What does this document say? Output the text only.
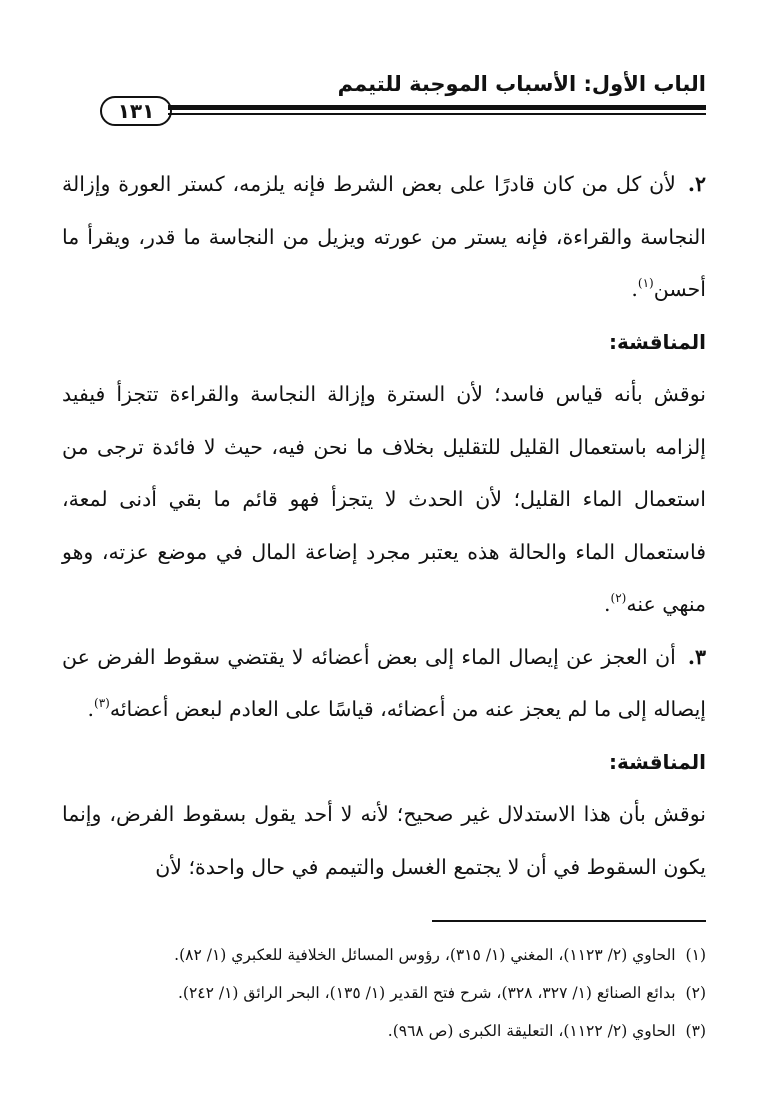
الباب الأول: الأسباب الموجبة للتيمم
١٣١

٢.لأن كل من كان قادرًا على بعض الشرط فإنه يلزمه، كستر العورة وإزالة النجاسة والقراءة، فإنه يستر من عورته ويزيل من النجاسة ما قدر، ويقرأ ما أحسن$^{(١)}$.

المناقشة:

نوقش بأنه قياس فاسد؛ لأن السترة وإزالة النجاسة والقراءة تتجزأ فيفيد إلزامه باستعمال القليل للتقليل بخلاف ما نحن فيه، حيث لا فائدة ترجى من استعمال الماء القليل؛ لأن الحدث لا يتجزأ فهو قائم ما بقي أدنى لمعة، فاستعمال الماء والحالة هذه يعتبر مجرد إضاعة المال في موضع عزته، وهو منهي عنه$^{(٢)}$.

٣.أن العجز عن إيصال الماء إلى بعض أعضائه لا يقتضي سقوط الفرض عن إيصاله إلى ما لم يعجز عنه من أعضائه، قياسًا على العادم لبعض أعضائه$^{(٣)}$.

المناقشة:

نوقش بأن هذا الاستدلال غير صحيح؛ لأنه لا أحد يقول بسقوط الفرض، وإنما يكون السقوط في أن لا يجتمع الغسل والتيمم في حال واحدة؛ لأن

(١)الحاوي (٢/ ١١٢٣)، المغني (١/ ٣١٥)، رؤوس المسائل الخلافية للعكبري (١/ ٨٢).
(٢)بدائع الصنائع (١/ ٣٢٧، ٣٢٨)، شرح فتح القدير (١/ ١٣٥)، البحر الرائق (١/ ٢٤٢).
(٣)الحاوي (٢/ ١١٢٢)، التعليقة الكبرى (ص ٩٦٨).
